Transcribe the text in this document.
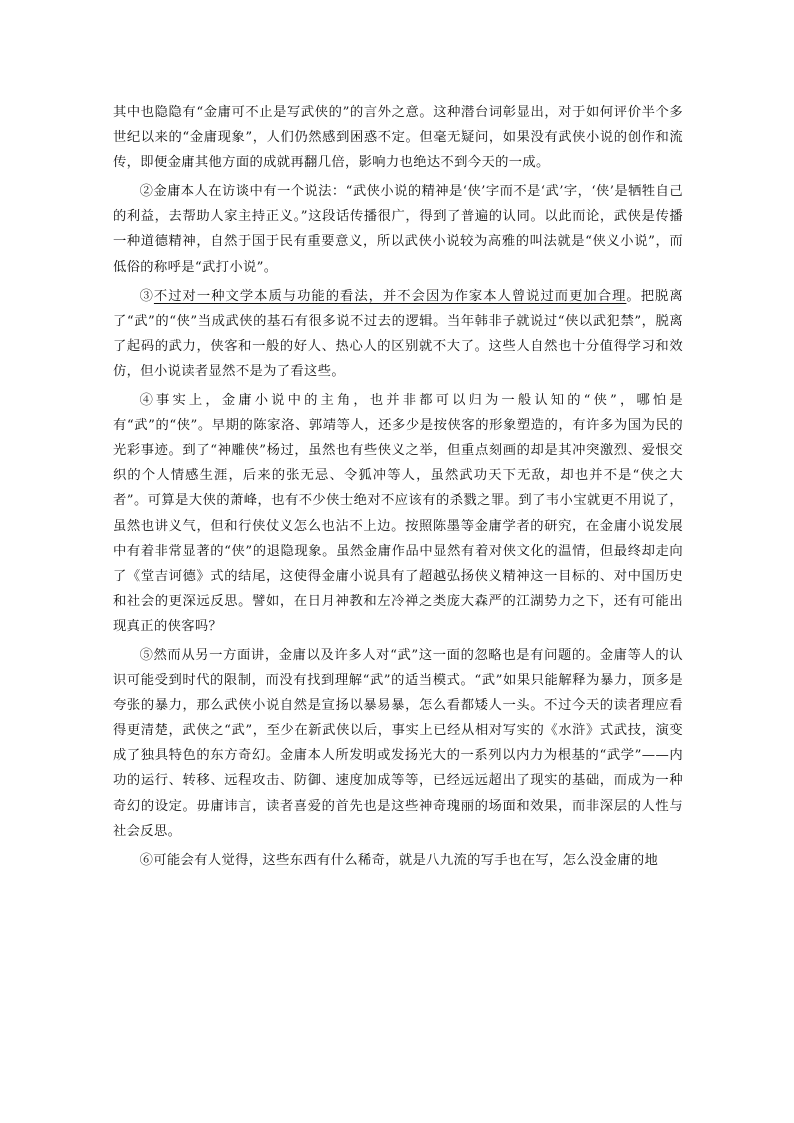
其中也隐隐有“金庸可不止是写武侠的”的言外之意。这种潜台词彰显出，对于如何评价半个多世纪以来的“金庸现象”，人们仍然感到困惑不定。但毫无疑问，如果没有武侠小说的创作和流传，即便金庸其他方面的成就再翻几倍，影响力也绝达不到今天的一成。

②金庸本人在访谈中有一个说法：“武侠小说的精神是‘侠’字而不是‘武’字，‘侠’是牺牲自己的利益，去帮助人家主持正义。”这段话传播很广，得到了普遍的认同。以此而论，武侠是传播一种道德精神，自然于国于民有重要意义，所以武侠小说较为高雅的叫法就是“侠义小说”，而低俗的称呼是“武打小说”。

③不过对一种文学本质与功能的看法，并不会因为作家本人曾说过而更加合理。把脱离了“武”的“侠”当成武侠的基石有很多说不过去的逻辑。当年韩非子就说过“侠以武犯禁”，脱离了起码的武力，侠客和一般的好人、热心人的区别就不大了。这些人自然也十分值得学习和效仿，但小说读者显然不是为了看这些。

④事实上，金庸小说中的主角，也并非都可以归为一般认知的“侠”，哪怕是有“武”的“侠”。早期的陈家洛、郭靖等人，还多少是按侠客的形象塑造的，有许多为国为民的光彩事迹。到了“神雕侠”杨过，虽然也有些侠义之举，但重点刻画的却是其冲突激烈、爱恨交织的个人情感生涯，后来的张无忌、令狐冲等人，虽然武功天下无敌，却也并不是“侠之大者”。可算是大侠的萧峰，也有不少侠士绝对不应该有的杀戮之罪。到了韦小宝就更不用说了，虽然也讲义气，但和行侠仗义怎么也沾不上边。按照陈墨等金庸学者的研究，在金庸小说发展中有着非常显著的“侠”的退隐现象。虽然金庸作品中显然有着对侠文化的温情，但最终却走向了《堂吉诃德》式的结尾，这使得金庸小说具有了超越弘扬侠义精神这一目标的、对中国历史和社会的更深远反思。譬如，在日月神教和左冷禅之类庞大森严的江湖势力之下，还有可能出现真正的侠客吗？

⑤然而从另一方面讲，金庸以及许多人对“武”这一面的忽略也是有问题的。金庸等人的认识可能受到时代的限制，而没有找到理解“武”的适当模式。“武”如果只能解释为暴力，顶多是夸张的暴力，那么武侠小说自然是宣扬以暴易暴，怎么看都矮人一头。不过今天的读者理应看得更清楚，武侠之“武”，至少在新武侠以后，事实上已经从相对写实的《水浒》式武技，演变成了独具特色的东方奇幻。金庸本人所发明或发扬光大的一系列以内力为根基的“武学”——内功的运行、转移、远程攻击、防御、速度加成等等，已经远远超出了现实的基础，而成为一种奇幻的设定。毋庸讳言，读者喜爱的首先也是这些神奇瑰丽的场面和效果，而非深层的人性与社会反思。

⑥可能会有人觉得，这些东西有什么稀奇，就是八九流的写手也在写，怎么没金庸的地
